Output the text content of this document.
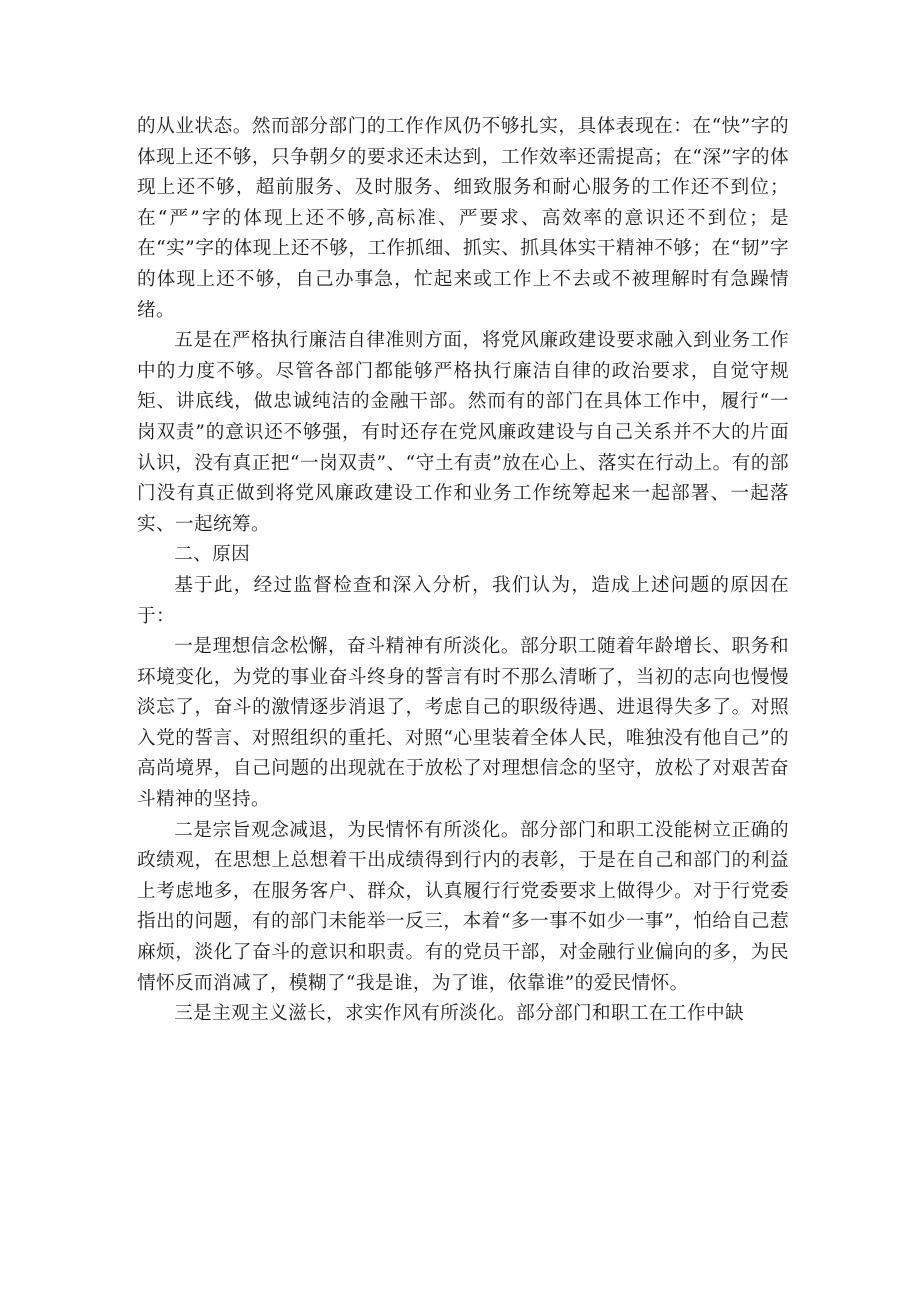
的从业状态。然而部分部门的工作作风仍不够扎实，具体表现在：在“快”字的体现上还不够，只争朝夕的要求还未达到，工作效率还需提高；在“深”字的体现上还不够，超前服务、及时服务、细致服务和耐心服务的工作还不到位；在“严”字的体现上还不够,高标准、严要求、高效率的意识还不到位；是在“实”字的体现上还不够，工作抓细、抓实、抓具体实干精神不够；在“韧”字的体现上还不够，自己办事急，忙起来或工作上不去或不被理解时有急躁情绪。

五是在严格执行廉洁自律准则方面，将党风廉政建设要求融入到业务工作中的力度不够。尽管各部门都能够严格执行廉洁自律的政治要求，自觉守规矩、讲底线，做忠诚纯洁的金融干部。然而有的部门在具体工作中，履行“一岗双责”的意识还不够强，有时还存在党风廉政建设与自己关系并不大的片面认识，没有真正把“一岗双责”、“守土有责”放在心上、落实在行动上。有的部门没有真正做到将党风廉政建设工作和业务工作统筹起来一起部署、一起落实、一起统筹。

二、原因

基于此，经过监督检查和深入分析，我们认为，造成上述问题的原因在于：

一是理想信念松懈，奋斗精神有所淡化。部分职工随着年龄增长、职务和环境变化，为党的事业奋斗终身的誓言有时不那么清晰了，当初的志向也慢慢淡忘了，奋斗的激情逐步消退了，考虑自己的职级待遇、进退得失多了。对照入党的誓言、对照组织的重托、对照“心里装着全体人民，唯独没有他自己”的高尚境界，自己问题的出现就在于放松了对理想信念的坚守，放松了对艰苦奋斗精神的坚持。

二是宗旨观念减退，为民情怀有所淡化。部分部门和职工没能树立正确的政绩观，在思想上总想着干出成绩得到行内的表彰，于是在自己和部门的利益上考虑地多，在服务客户、群众，认真履行行党委要求上做得少。对于行党委指出的问题，有的部门未能举一反三，本着“多一事不如少一事”，怕给自己惹麻烦，淡化了奋斗的意识和职责。有的党员干部，对金融行业偏向的多，为民情怀反而消减了，模糊了“我是谁，为了谁，依靠谁”的爱民情怀。

三是主观主义滋长，求实作风有所淡化。部分部门和职工在工作中缺
